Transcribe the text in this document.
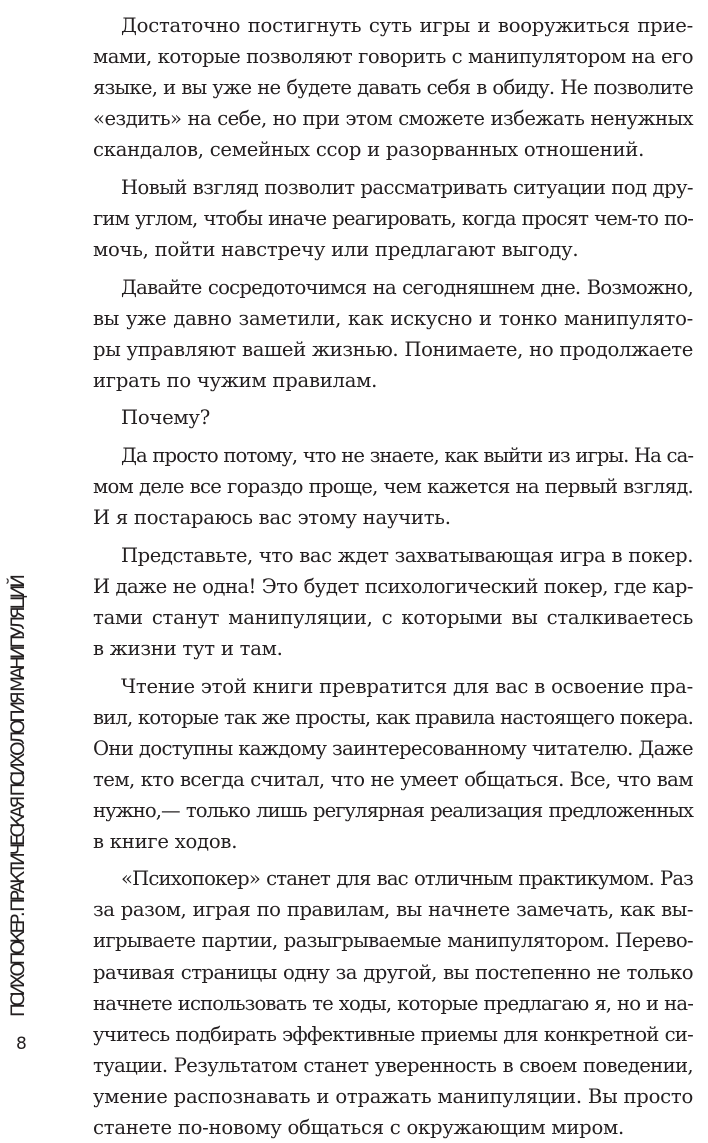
ПСИХОПОКЕР. ПРАКТИЧЕСКАЯ ПСИХОЛОГИЯ МАНИПУЛЯЦИЙ
8
Достаточно постигнуть суть игры и вооружиться прие-
мами, которые позволяют говорить с манипулятором на его
языке, и вы уже не будете давать себя в обиду. Не позволите
«ездить» на себе, но при этом сможете избежать ненужных
скандалов, семейных ссор и разорванных отношений.
Новый взгляд позволит рассматривать ситуации под дру-
гим углом, чтобы иначе реагировать, когда просят чем-то по-
мочь, пойти навстречу или предлагают выгоду.
Давайте сосредоточимся на сегодняшнем дне. Возможно,
вы уже давно заметили, как искусно и тонко манипулято-
ры управляют вашей жизнью. Понимаете, но продолжаете
играть по чужим правилам.
Почему?
Да просто потому, что не знаете, как выйти из игры. На са-
мом деле все гораздо проще, чем кажется на первый взгляд.
И я постараюсь вас этому научить.
Представьте, что вас ждет захватывающая игра в покер.
И даже не одна! Это будет психологический покер, где кар-
тами станут манипуляции, с которыми вы сталкиваетесь
в жизни тут и там.
Чтение этой книги превратится для вас в освоение пра-
вил, которые так же просты, как правила настоящего покера.
Они доступны каждому заинтересованному читателю. Даже
тем, кто всегда считал, что не умеет общаться. Все, что вам
нужно,— только лишь регулярная реализация предложенных
в книге ходов.
«Психопокер» станет для вас отличным практикумом. Раз
за разом, играя по правилам, вы начнете замечать, как вы-
игрываете партии, разыгрываемые манипулятором. Перево-
рачивая страницы одну за другой, вы постепенно не только
начнете использовать те ходы, которые предлагаю я, но и на-
учитесь подбирать эффективные приемы для конкретной си-
туации. Результатом станет уверенность в своем поведении,
умение распознавать и отражать манипуляции. Вы просто
станете по-новому общаться с окружающим миром.
